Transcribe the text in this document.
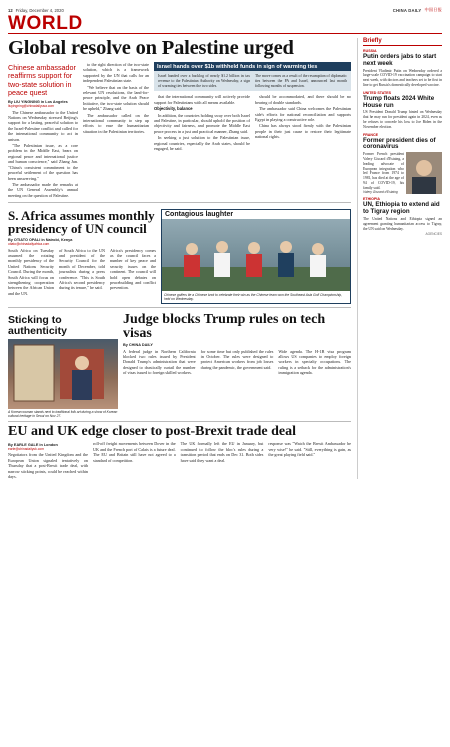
12 Friday, December 4, 2020	CHINA DAILY 中国日报
WORLD
Global resolve on Palestine urged
Chinese ambassador reaffirms support for two-state solution in peace quest
By LIU YINGNING in Los Angeles
liuyingning@chinadailyusa.com

The Chinese ambassador to the United Nations on Wednesday stressed Beijing's support for a lasting, peaceful solution to the Israel-Palestine conflict and called for the international community to act in unison.

"The Palestinian issue, as a core problem in the Middle East, bears on regional peace and international justice and human conscience," said Zhang Jun. "China's consistent commitment to the peaceful settlement of the question has been unswerving."

The ambassador made the remarks at the UN General Assembly's annual meeting on the question of Palestine.

to the right direction of the two-state solution, which is a framework supported by the UN that calls for an independent Palestinian state.

"We believe that on the basis of the relevant UN resolutions, the land-for-peace principle, and the Arab Peace Initiative, the two-state solution should be upheld," Zhang said.

The ambassador called on the international community to step up efforts to ease the humanitarian situation in the Palestinian territories.

Israel hands over $1b withheld funds in sign of warming ties
Israel handed over a backlog of nearly $1.2 billion in tax revenue to the Palestinian Authority on Wednesday, a sign of warming ties between the two sides.
The move comes as a result of the resumption of diplomatic ties between the PA and Israel, announced last month following months of suspension.

that the international community will actively provide support for Palestinians with all means available.

Objectivity, balance

In addition, the countries holding sway over both Israel and Palestine, in particular, should uphold the position of objectivity and fairness, and promote the Middle East peace process in a just and practical manner, Zhang said.

In seeking a just solution to the Palestinian issue, regional countries, especially the Arab states, should be engaged, he said.

should be accommodated, and there should be no bearing of double standards.

The ambassador said China welcomes the Palestinian side's efforts for national reconciliation and supports Egypt in playing a constructive role.

China has always stood firmly with the Palestinian people in their just cause to restore their legitimate national rights.

S. Africa assumes monthly presidency of UN council
By OTIATO OPALI in Nairobi, Kenya
otiato@chinadailyafrica.com
South Africa on Tuesday assumed the rotating monthly presidency of the United Nations Security Council. During the month, South Africa will focus on strengthening cooperation between the African Union and the UN.
of South Africa to the UN and president of the Security Council for the month of December, told journalists during a press conference. "This is South Africa's second presidency during its tenure," he said.
Africa's presidency comes as the council faces a number of key peace and security issues on the continent. The council will hold open debates on peacebuilding and conflict prevention.
Contagious laughter
Chinese golfers tie a Chinese knot to celebrate their win as the Chinese team won the Southeast Asia Golf Championship, held on Wednesday.
Sticking to authenticity
A Korean woman stands next to traditional folk art during a show of Korean cultural heritage in Seoul on Nov 27.
Judge blocks Trump rules on tech visas
By CHINA DAILY
A federal judge in Northern California blocked two rules issued by President Donald Trump's administration that were designed to drastically curtail the number of visas issued to foreign skilled workers.
for some time but only published the rules in October. The rules were designed to protect American workers from job losses during the pandemic, the government said.
Wide agenda. The H-1B visa program allows US companies to employ foreign workers in specialty occupations. The ruling is a setback for the administration's immigration agenda.
EU and UK edge closer to post-Brexit trade deal
By EARLE GALE in London
earle@chinadailyuk.com
Negotiators from the United Kingdom and the European Union signaled tentatively on Thursday that a post-Brexit trade deal, with narrow sticking points, could be reached within days.
roll-off freight movements between Dover in the UK and the French port of Calais is a future deal. The EU and Britain still have not agreed to a standard of competition.
The UK formally left the EU in January, but continued to follow the bloc's rules during a transition period that ends on Dec 31. Both sides have said they want a deal.
response was "Watch the Brexit Ambassador be very wise!" he said. "Still, everything is gain, as the great playing field said."
Briefly
RUSSIA
Putin orders jabs to start next week
President Vladimir Putin on Wednesday ordered a large-scale COVID-19 vaccination campaign to start next week, with doctors and teachers set to be first in line to get Russia's domestically developed vaccine.
UNITED STATES
Trump floats 2024 White House run
US President Donald Trump hinted on Wednesday that he may run for president again in 2024, even as he refuses to concede his loss to Joe Biden in the November election.
FRANCE
Former president dies of coronavirus
Former French president Valery Giscard d'Estaing, a leading advocate of European integration who led France from 1974 to 1981, has died at the age of 94 of COVID-19, his family said.
Valery Giscard d'Estaing
ETHIOPIA
UN, Ethiopia to extend aid to Tigray region
The United Nations and Ethiopia signed an agreement granting humanitarian access to Tigray, the UN said on Wednesday.
AGENCIES
